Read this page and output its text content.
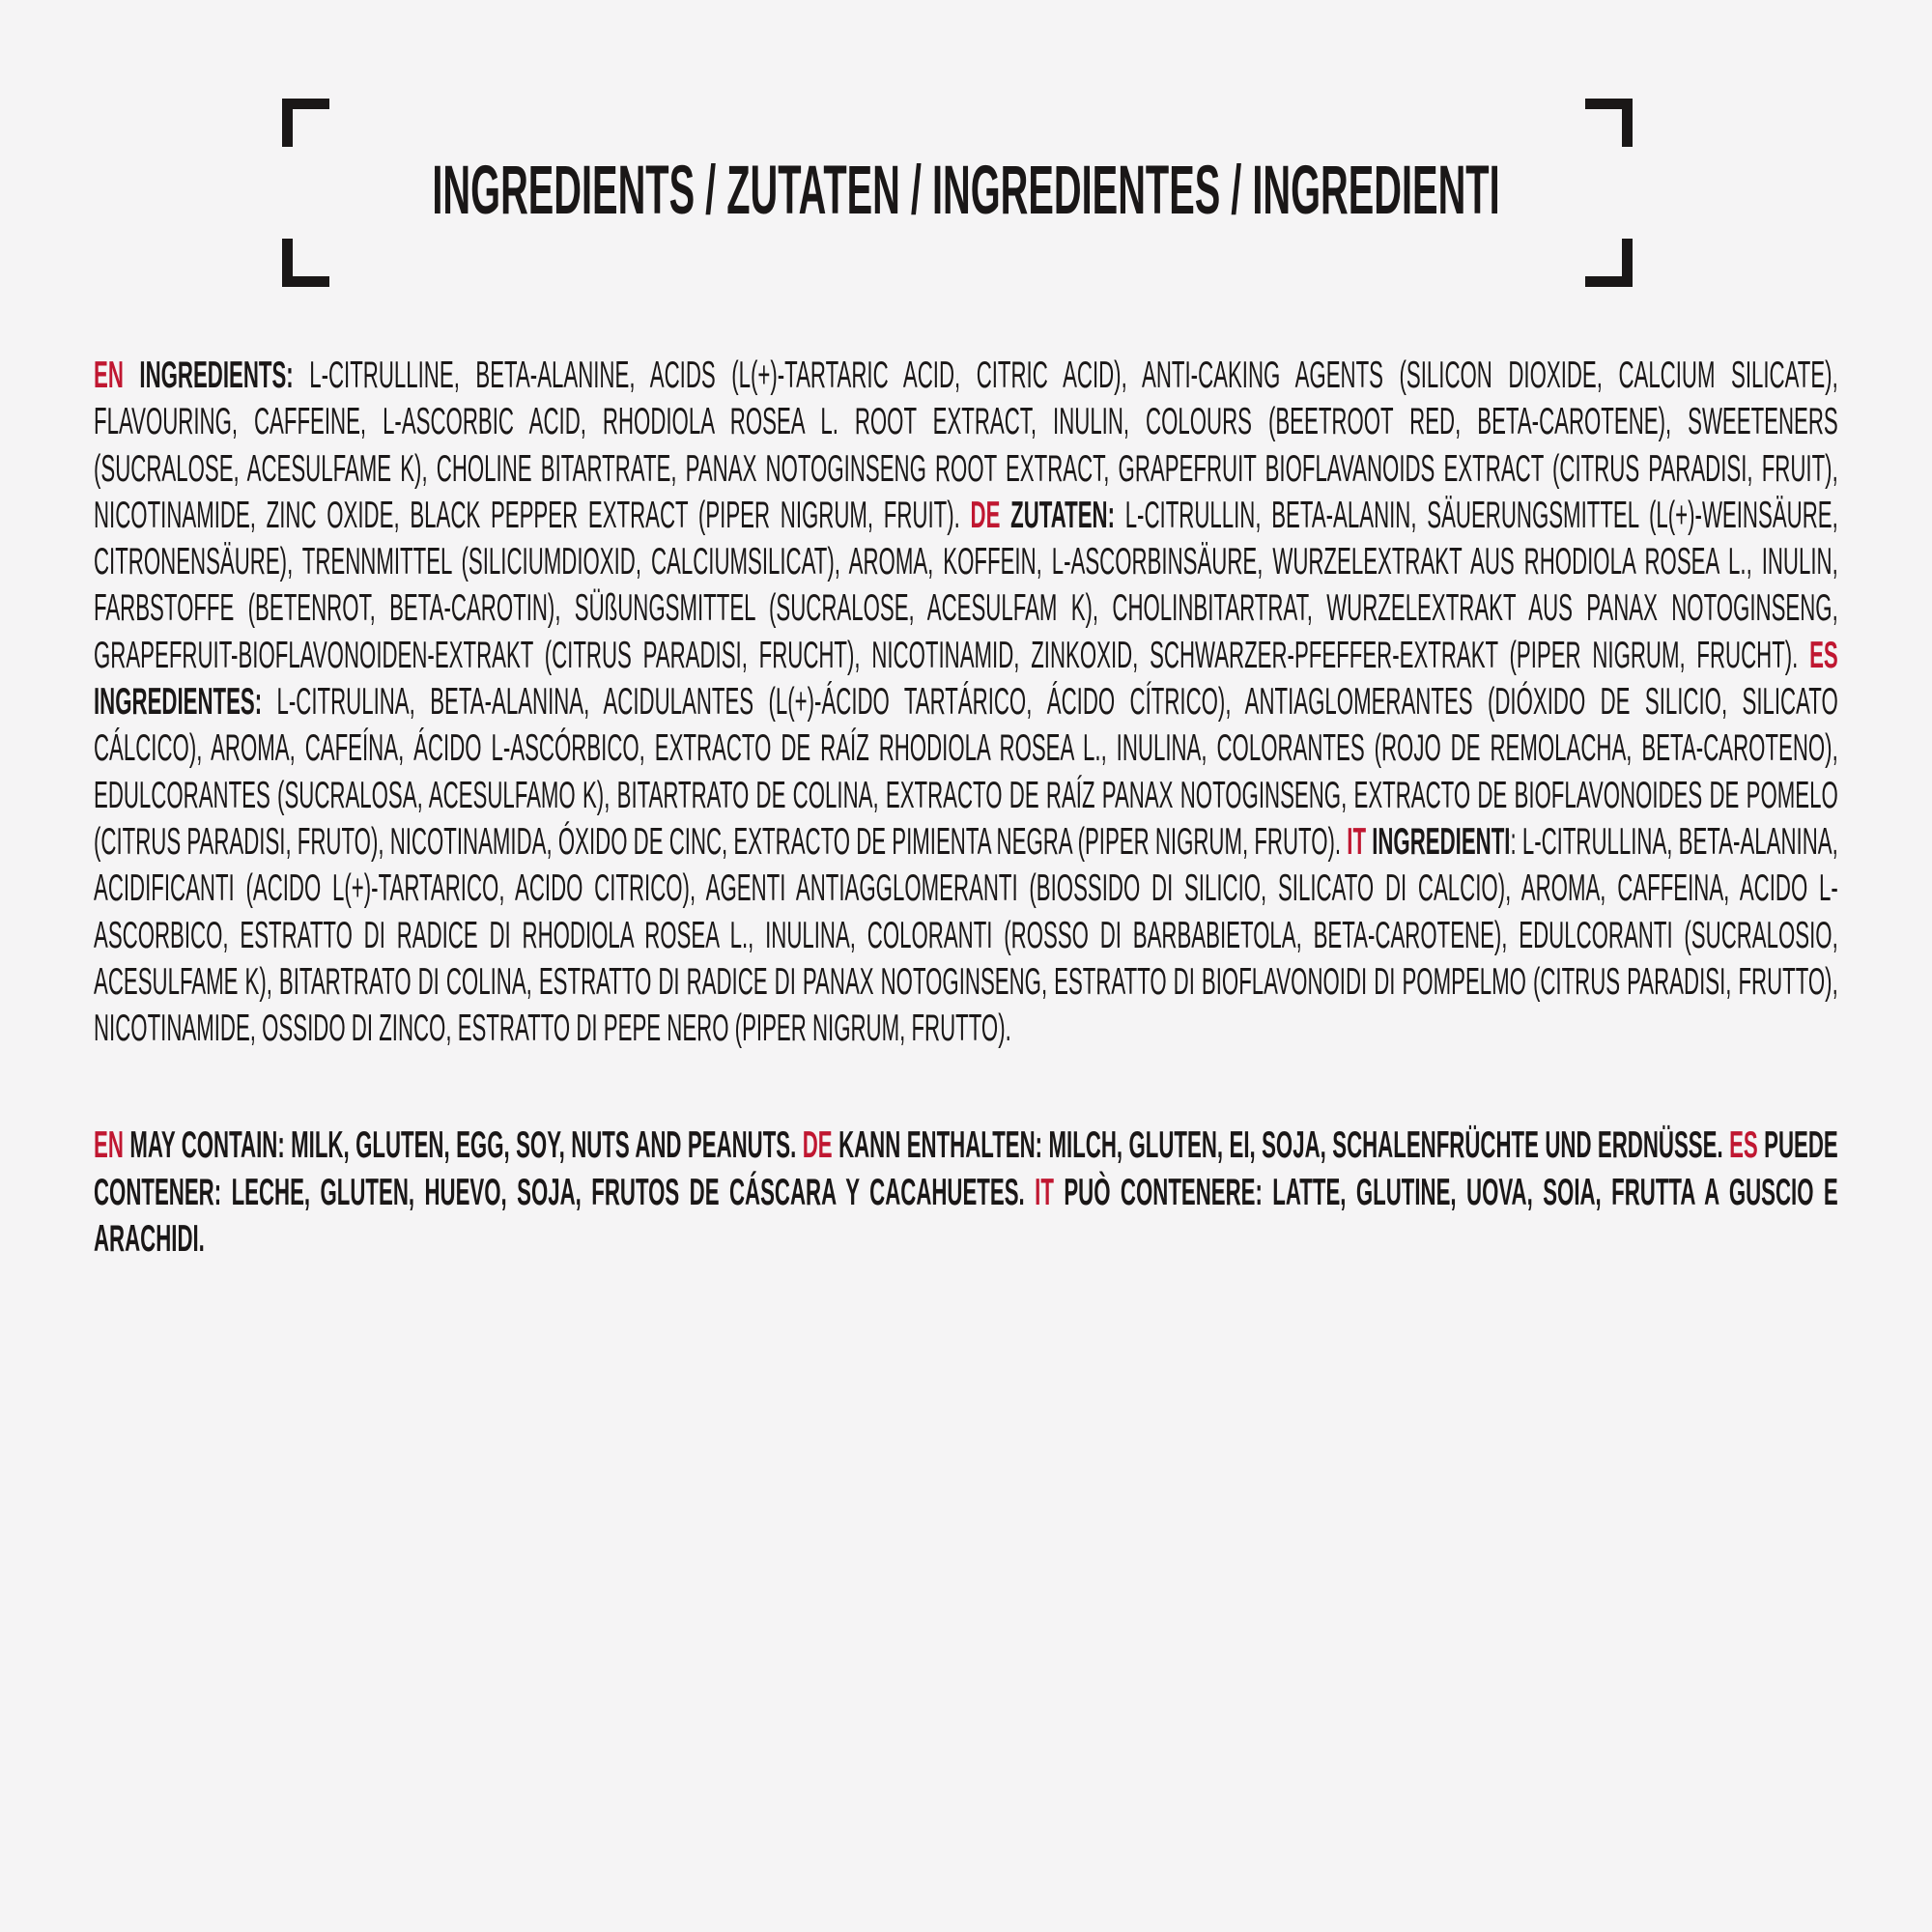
INGREDIENTS / ZUTATEN / INGREDIENTES / INGREDIENTI

EN INGREDIENTS: L-CITRULLINE, BETA-ALANINE, ACIDS (L(+)-TARTARIC ACID, CITRIC ACID), ANTI-CAKING AGENTS (SILICON DIOXIDE, CALCIUM SILICATE), FLAVOURING, CAFFEINE, L-ASCORBIC ACID, RHODIOLA ROSEA L. ROOT EXTRACT, INULIN, COLOURS (BEETROOT RED, BETA-CAROTENE), SWEETENERS (SUCRALOSE, ACESULFAME K), CHOLINE BITARTRATE, PANAX NOTOGINSENG ROOT EXTRACT, GRAPEFRUIT BIOFLAVANOIDS EXTRACT (CITRUS PARADISI, FRUIT), NICOTINAMIDE, ZINC OXIDE, BLACK PEPPER EXTRACT (PIPER NIGRUM, FRUIT). DE ZUTATEN: L-CITRULLIN, BETA-ALANIN, SÄUERUNGSMITTEL (L(+)-WEINSÄURE, CITRONENSÄURE), TRENNMITTEL (SILICIUMDIOXID, CALCIUMSILICAT), AROMA, KOFFEIN, L-ASCORBINSÄURE, WURZELEXTRAKT AUS RHODIOLA ROSEA L., INULIN, FARBSTOFFE (BETENROT, BETA-CAROTIN), SÜßUNGSMITTEL (SUCRALOSE, ACESULFAM K), CHOLINBITARTRAT, WURZELEXTRAKT AUS PANAX NOTOGINSENG, GRAPEFRUIT-BIOFLAVONOIDEN-EXTRAKT (CITRUS PARADISI, FRUCHT), NICOTINAMID, ZINKOXID, SCHWARZER-PFEFFER-EXTRAKT (PIPER NIGRUM, FRUCHT). ES INGREDIENTES: L-CITRULINA, BETA-ALANINA, ACIDULANTES (L(+)-ÁCIDO TARTÁRICO, ÁCIDO CÍTRICO), ANTIAGLOMERANTES (DIÓXIDO DE SILICIO, SILICATO CÁLCICO), AROMA, CAFEÍNA, ÁCIDO L-ASCÓRBICO, EXTRACTO DE RAÍZ RHODIOLA ROSEA L., INULINA, COLORANTES (ROJO DE REMOLACHA, BETA-CAROTENO), EDULCORANTES (SUCRALOSA, ACESULFAMO K), BITARTRATO DE COLINA, EXTRACTO DE RAÍZ PANAX NOTOGINSENG, EXTRACTO DE BIOFLAVONOIDES DE POMELO (CITRUS PARADISI, FRUTO), NICOTINAMIDA, ÓXIDO DE CINC, EXTRACTO DE PIMIENTA NEGRA (PIPER NIGRUM, FRUTO). IT INGREDIENTI: L-CITRULLINA, BETA-ALANINA, ACIDIFICANTI (ACIDO L(+)-TARTARICO, ACIDO CITRICO), AGENTI ANTIAGGLOMERANTI (BIOSSIDO DI SILICIO, SILICATO DI CALCIO), AROMA, CAFFEINA, ACIDO L-ASCORBICO, ESTRATTO DI RADICE DI RHODIOLA ROSEA L., INULINA, COLORANTI (ROSSO DI BARBABIETOLA, BETA-CAROTENE), EDULCORANTI (SUCRALOSIO, ACESULFAME K), BITARTRATO DI COLINA, ESTRATTO DI RADICE DI PANAX NOTOGINSENG, ESTRATTO DI BIOFLAVONOIDI DI POMPELMO (CITRUS PARADISI, FRUTTO), NICOTINAMIDE, OSSIDO DI ZINCO, ESTRATTO DI PEPE NERO (PIPER NIGRUM, FRUTTO).

EN MAY CONTAIN: MILK, GLUTEN, EGG, SOY, NUTS AND PEANUTS. DE KANN ENTHALTEN: MILCH, GLUTEN, EI, SOJA, SCHALENFRÜCHTE UND ERDNÜSSE. ES PUEDE CONTENER: LECHE, GLUTEN, HUEVO, SOJA, FRUTOS DE CÁSCARA Y CACAHUETES. IT PUÒ CONTENERE: LATTE, GLUTINE, UOVA, SOIA, FRUTTA A GUSCIO E ARACHIDI.
